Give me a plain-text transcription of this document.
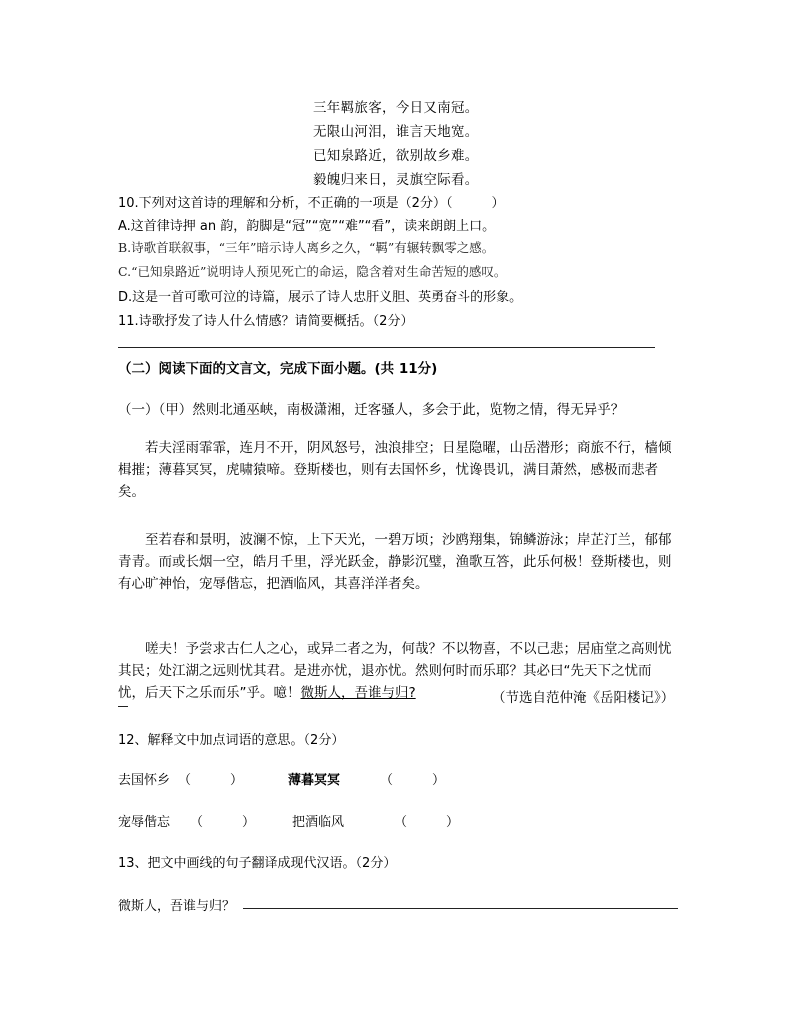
三年羁旅客，今日又南冠。
无限山河泪，谁言天地宽。
已知泉路近，欲别故乡难。
毅魄归来日，灵旗空际看。
10.下列对这首诗的理解和分析，不正确的一项是（2分）（　　　）
A.这首律诗押 an 韵，韵脚是“冠”“宽”“难”“看”，读来朗朗上口。
B.诗歌首联叙事，“三年”暗示诗人离乡之久，“羁”有辗转飘零之感。
C.“已知泉路近”说明诗人预见死亡的命运，隐含着对生命苦短的感叹。
D.这是一首可歌可泣的诗篇，展示了诗人忠肝义胆、英勇奋斗的形象。
11.诗歌抒发了诗人什么情感？请简要概括。（2分）
（二）阅读下面的文言文，完成下面小题。(共 11分)
（一）（甲）然则北通巫峡，南极潇湘，迁客骚人，多会于此，览物之情，得无异乎？
若夫淫雨霏霏，连月不开，阴风怒号，浊浪排空；日星隐曜，山岳潜形；商旅不行，樯倾楫摧；薄暮冥冥，虎啸猿啼。登斯楼也，则有去国怀乡，忧谗畏讥，满目萧然，感极而悲者矣。
至若春和景明，波澜不惊，上下天光，一碧万顷；沙鸥翔集，锦鳞游泳；岸芷汀兰，郁郁青青。而或长烟一空，皓月千里，浮光跃金，静影沉璧，渔歌互答，此乐何极！登斯楼也，则有心旷神怡，宠辱偕忘，把酒临风，其喜洋洋者矣。
嗟夫！予尝求古仁人之心，或异二者之为，何哉？不以物喜，不以己悲；居庙堂之高则忧其民；处江湖之远则忧其君。是进亦忧，退亦忧。然则何时而乐耶？其必曰“先天下之忧而忧，后天下之乐而乐”乎。噫！微斯人，吾谁与归?	（节选自范仲淹《岳阳楼记》）
12、解释文中加点词语的意思。（2分）
去国怀乡 （　　　）	薄暮冥冥	（　　　）
宠辱偕忘 （　　　）	把酒临风	（　　　）
13、把文中画线的句子翻译成现代汉语。（2分）
微斯人，吾谁与归？
